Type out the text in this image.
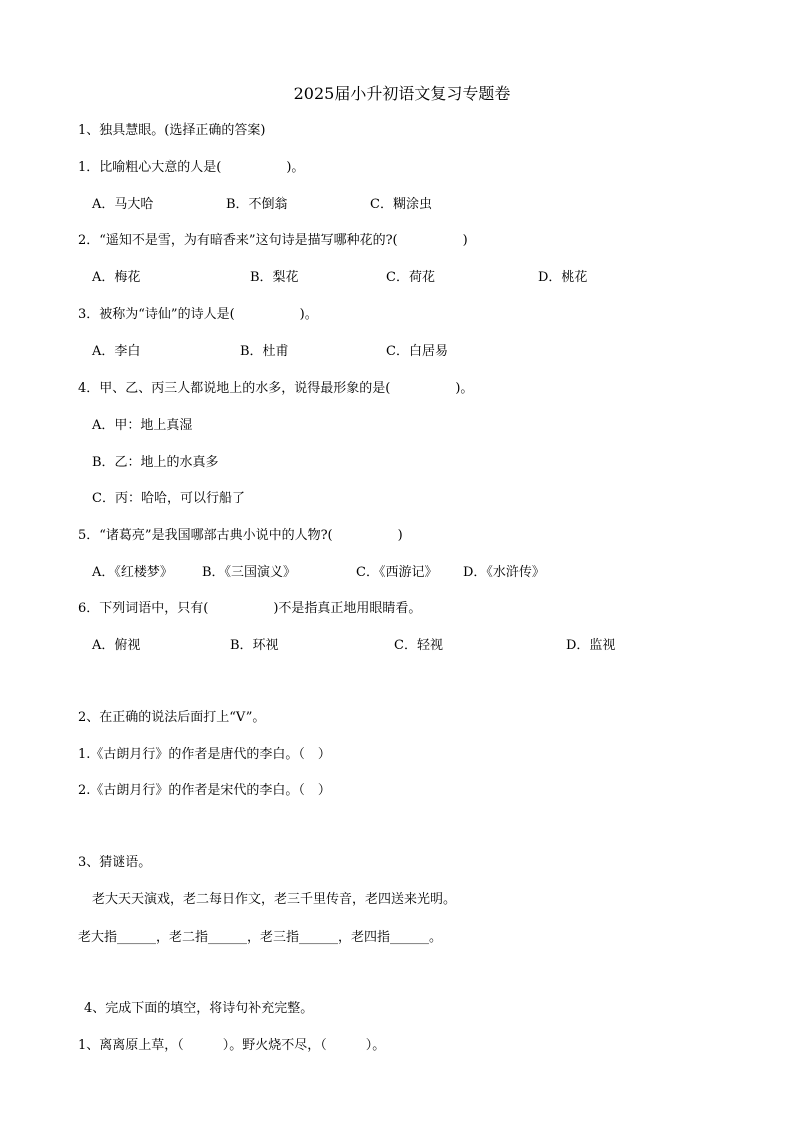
2025届小升初语文复习专题卷
1、独具慧眼。(选择正确的答案)
1．比喻粗心大意的人是(　　　　　)。
A．马大哈	B．不倒翁	C．糊涂虫
2．“遥知不是雪，为有暗香来”这句诗是描写哪种花的?(　　　　　)
A．梅花	B．梨花	C．荷花	D．桃花
3．被称为“诗仙”的诗人是(　　　　　)。
A．李白	B．杜甫	C．白居易
4．甲、乙、丙三人都说地上的水多，说得最形象的是(　　　　　)。
A．甲：地上真湿
B．乙：地上的水真多
C．丙：哈哈，可以行船了
5．“诸葛亮”是我国哪部古典小说中的人物?(　　　　　)
A．《红楼梦》 B．《三国演义》	C．《西游记》 D．《水浒传》
6．下列词语中，只有(　　　　　)不是指真正地用眼睛看。
A．俯视	B．环视	C．轻视	D．监视
2、在正确的说法后面打上“V”。
1.《古朗月行》的作者是唐代的李白。（　）
2.《古朗月行》的作者是宋代的李白。（　）
3、猜谜语。
老大天天演戏，老二每日作文，老三千里传音，老四送来光明。
老大指______，老二指______，老三指______，老四指______。
4、完成下面的填空，将诗句补充完整。
1、离离原上草，（　　　）。野火烧不尽，（　　　）。
